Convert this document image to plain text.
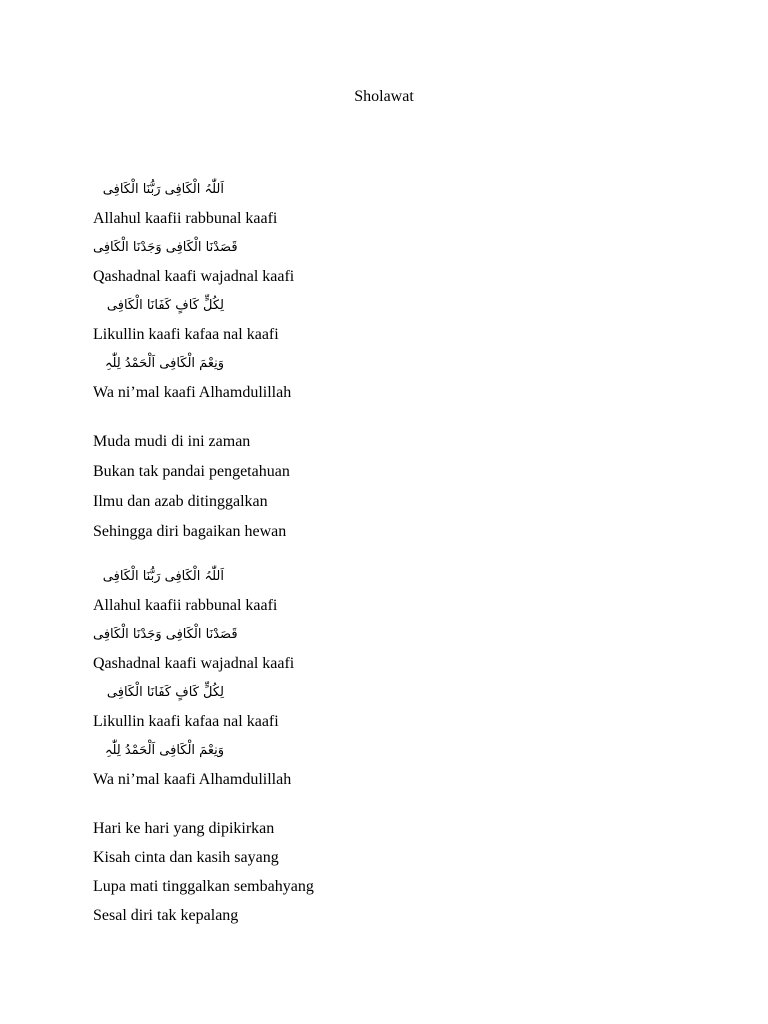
Sholawat
اَللّٰہُ الْکَافِی رَبُّنَا الْکَافِی
Allahul kaafii rabbunal kaafi
قَصَدْنَا الْکَافِی وَجَدْنَا الْکَافِی
Qashadnal kaafi wajadnal kaafi
لِکُلٍّ کَافٍ کَفَانَا الْکَافِی
Likullin kaafi kafaa nal kaafi
وَنِعْمَ الْکَافِی اَلْحَمْدُ لِلّٰہِ
Wa ni’mal kaafi Alhamdulillah
Muda mudi di ini zaman
Bukan tak pandai pengetahuan
Ilmu dan azab ditinggalkan
Sehingga diri bagaikan hewan
اَللّٰہُ الْکَافِی رَبُّنَا الْکَافِی
Allahul kaafii rabbunal kaafi
قَصَدْنَا الْکَافِی وَجَدْنَا الْکَافِی
Qashadnal kaafi wajadnal kaafi
لِکُلٍّ کَافٍ کَفَانَا الْکَافِی
Likullin kaafi kafaa nal kaafi
وَنِعْمَ الْکَافِی اَلْحَمْدُ لِلّٰہِ
Wa ni’mal kaafi Alhamdulillah
Hari ke hari yang dipikirkan
Kisah cinta dan kasih sayang
Lupa mati tinggalkan sembahyang
Sesal diri tak kepalang
